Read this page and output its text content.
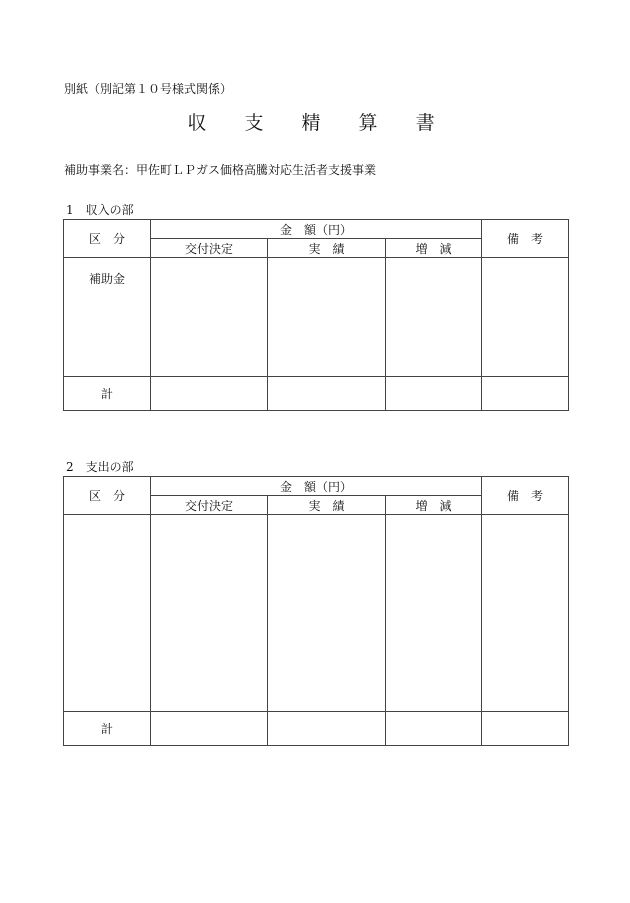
別紙（別記第１０号様式関係）
収 支 精 算 書
補助事業名：甲佐町ＬＰガス価格高騰対応生活者支援事業
1　収入の部
区　分	金　額（円）			備　考
	交付決定	実　績	増　減	
補助金				
計				
2　支出の部
区　分	金　額（円）			備　考
	交付決定	実　績	増　減	

計				
